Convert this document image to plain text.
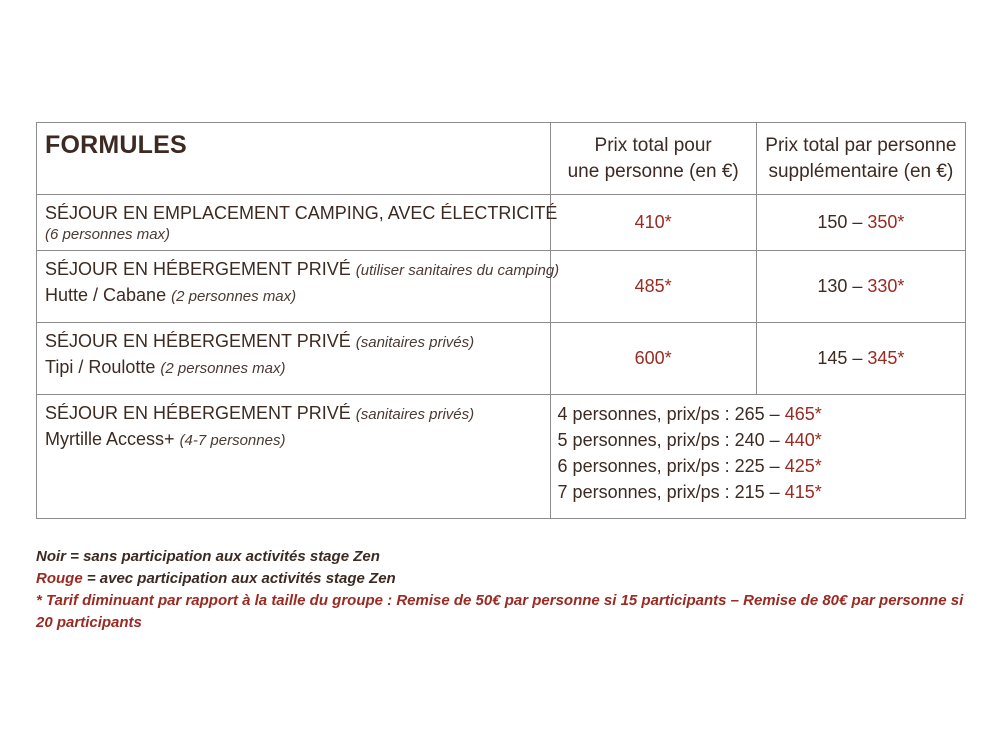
FORMULES	Prix total pour
une personne (en €)	Prix total par personne
supplémentaire (en €)

SÉJOUR EN EMPLACEMENT CAMPING, AVEC ÉLECTRICITÉ
(6 personnes max)	410*	150 – 350*

SÉJOUR EN HÉBERGEMENT PRIVÉ (utiliser sanitaires du camping)
Hutte / Cabane (2 personnes max)	485*	130 – 330*

SÉJOUR EN HÉBERGEMENT PRIVÉ (sanitaires privés)
Tipi / Roulotte (2 personnes max)	600*	145 – 345*

SÉJOUR EN HÉBERGEMENT PRIVÉ (sanitaires privés)
Myrtille Access+ (4-7 personnes)	4 personnes, prix/ps : 265 – 465*
5 personnes, prix/ps : 240 – 440*
6 personnes, prix/ps : 225 – 425*
7 personnes, prix/ps : 215 – 415*	
Noir = sans participation aux activités stage Zen
Rouge = avec participation aux activités stage Zen
* Tarif diminuant par rapport à la taille du groupe : Remise de 50€ par personne si 15 participants – Remise de 80€ par personne si 20 participants
